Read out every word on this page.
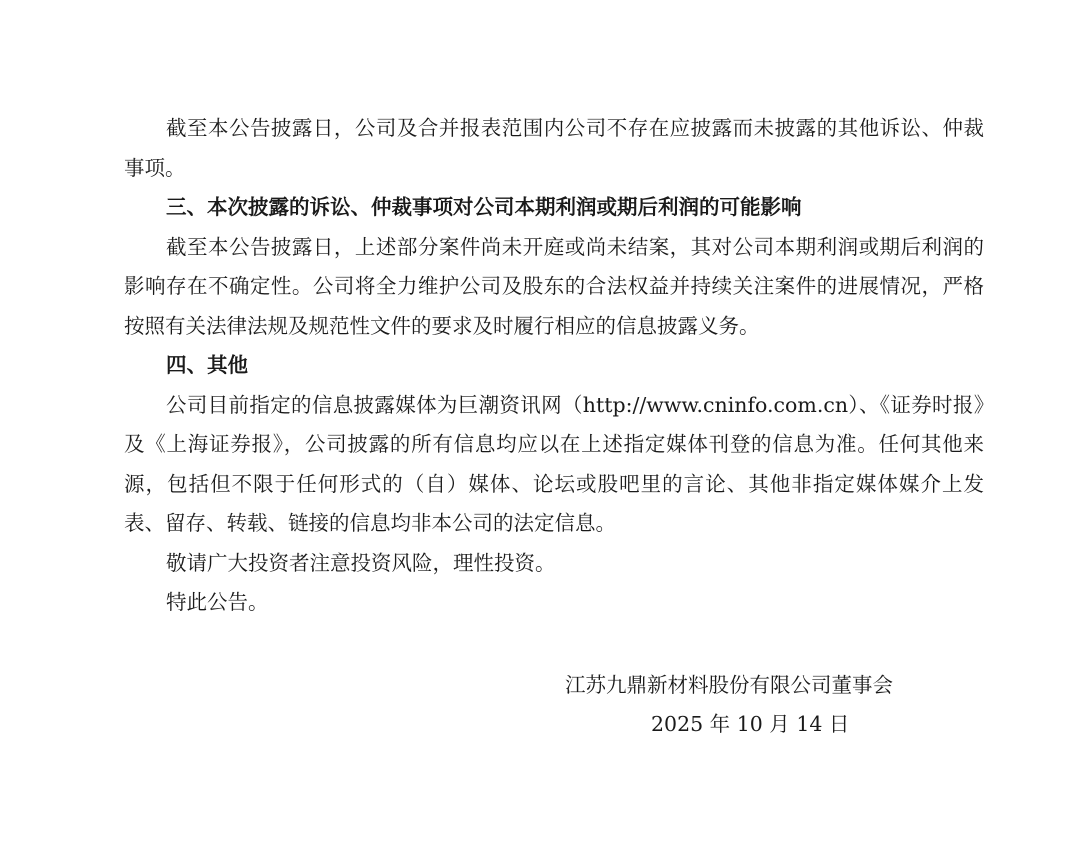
截至本公告披露日，公司及合并报表范围内公司不存在应披露而未披露的其他诉讼、仲裁事项。

三、本次披露的诉讼、仲裁事项对公司本期利润或期后利润的可能影响

截至本公告披露日，上述部分案件尚未开庭或尚未结案，其对公司本期利润或期后利润的影响存在不确定性。公司将全力维护公司及股东的合法权益并持续关注案件的进展情况，严格按照有关法律法规及规范性文件的要求及时履行相应的信息披露义务。

四、其他

公司目前指定的信息披露媒体为巨潮资讯网（http://www.cninfo.com.cn）、《证券时报》及《上海证券报》，公司披露的所有信息均应以在上述指定媒体刊登的信息为准。任何其他来源，包括但不限于任何形式的（自）媒体、论坛或股吧里的言论、其他非指定媒体媒介上发表、留存、转载、链接的信息均非本公司的法定信息。

敬请广大投资者注意投资风险，理性投资。

特此公告。

江苏九鼎新材料股份有限公司董事会
2025 年 10 月 14 日
